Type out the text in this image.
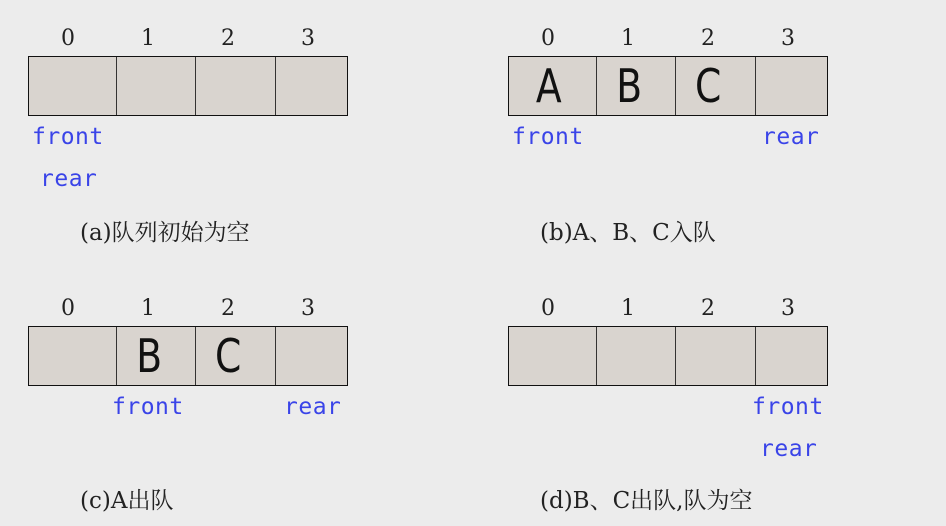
0	1	2	3
front
rear
(a)队列初始为空
0	1	2	3
A	B	C
front	rear
(b)A、B、C入队
0	1	2	3
B	C
front	rear
(c)A出队
0	1	2	3
front
rear
(d)B、C出队,队为空
